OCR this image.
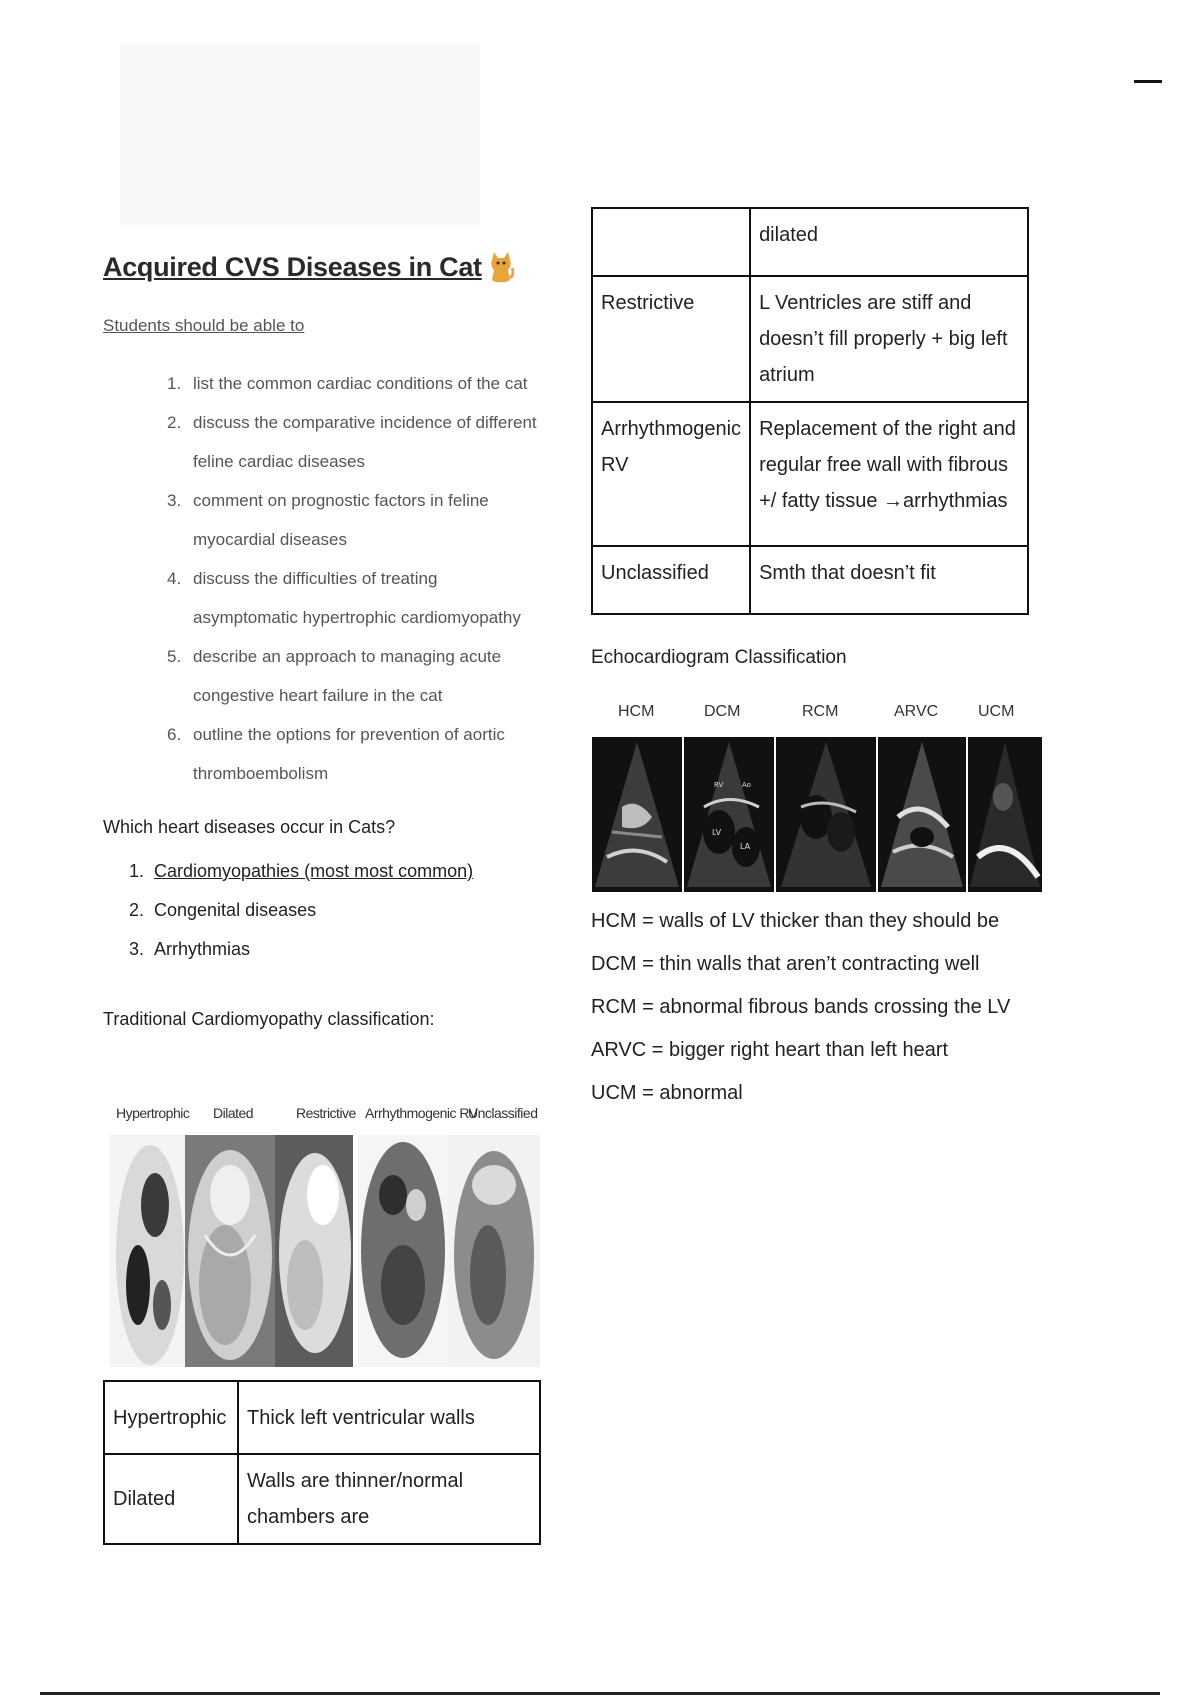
Acquired CVS Diseases in Cat
Students should be able to
1. list the common cardiac conditions of the cat
2. discuss the comparative incidence of different feline cardiac diseases
3. comment on prognostic factors in feline myocardial diseases
4. discuss the difficulties of treating asymptomatic hypertrophic cardiomyopathy
5. describe an approach to managing acute congestive heart failure in the cat
6. outline the options for prevention of aortic thromboembolism
Which heart diseases occur in Cats?
1. Cardiomyopathies (most most common)
2. Congenital diseases
3. Arrhythmias
Traditional Cardiomyopathy classification:
Hypertrophic Dilated	Restrictive Arrhythmogenic RV
Unclassified
Hypertrophic	Thick left ventricular walls
Dilated	Walls are thinner/normal chambers are
	dilated
Restrictive	L Ventricles are stiff and doesn’t fill properly + big left atrium
Arrhythmogenic RV	Replacement of the right and regular free wall with fibrous +/ fatty tissue →arrhythmias
Unclassified	Smth that doesn’t fit
Echocardiogram Classification
HCM	DCM	RCM	ARVC UCM
LV
LA
RV	Ao
HCM = walls of LV thicker than they should be
DCM = thin walls that aren’t contracting well
RCM = abnormal fibrous bands crossing the LV
ARVC = bigger right heart than left heart
UCM = abnormal
